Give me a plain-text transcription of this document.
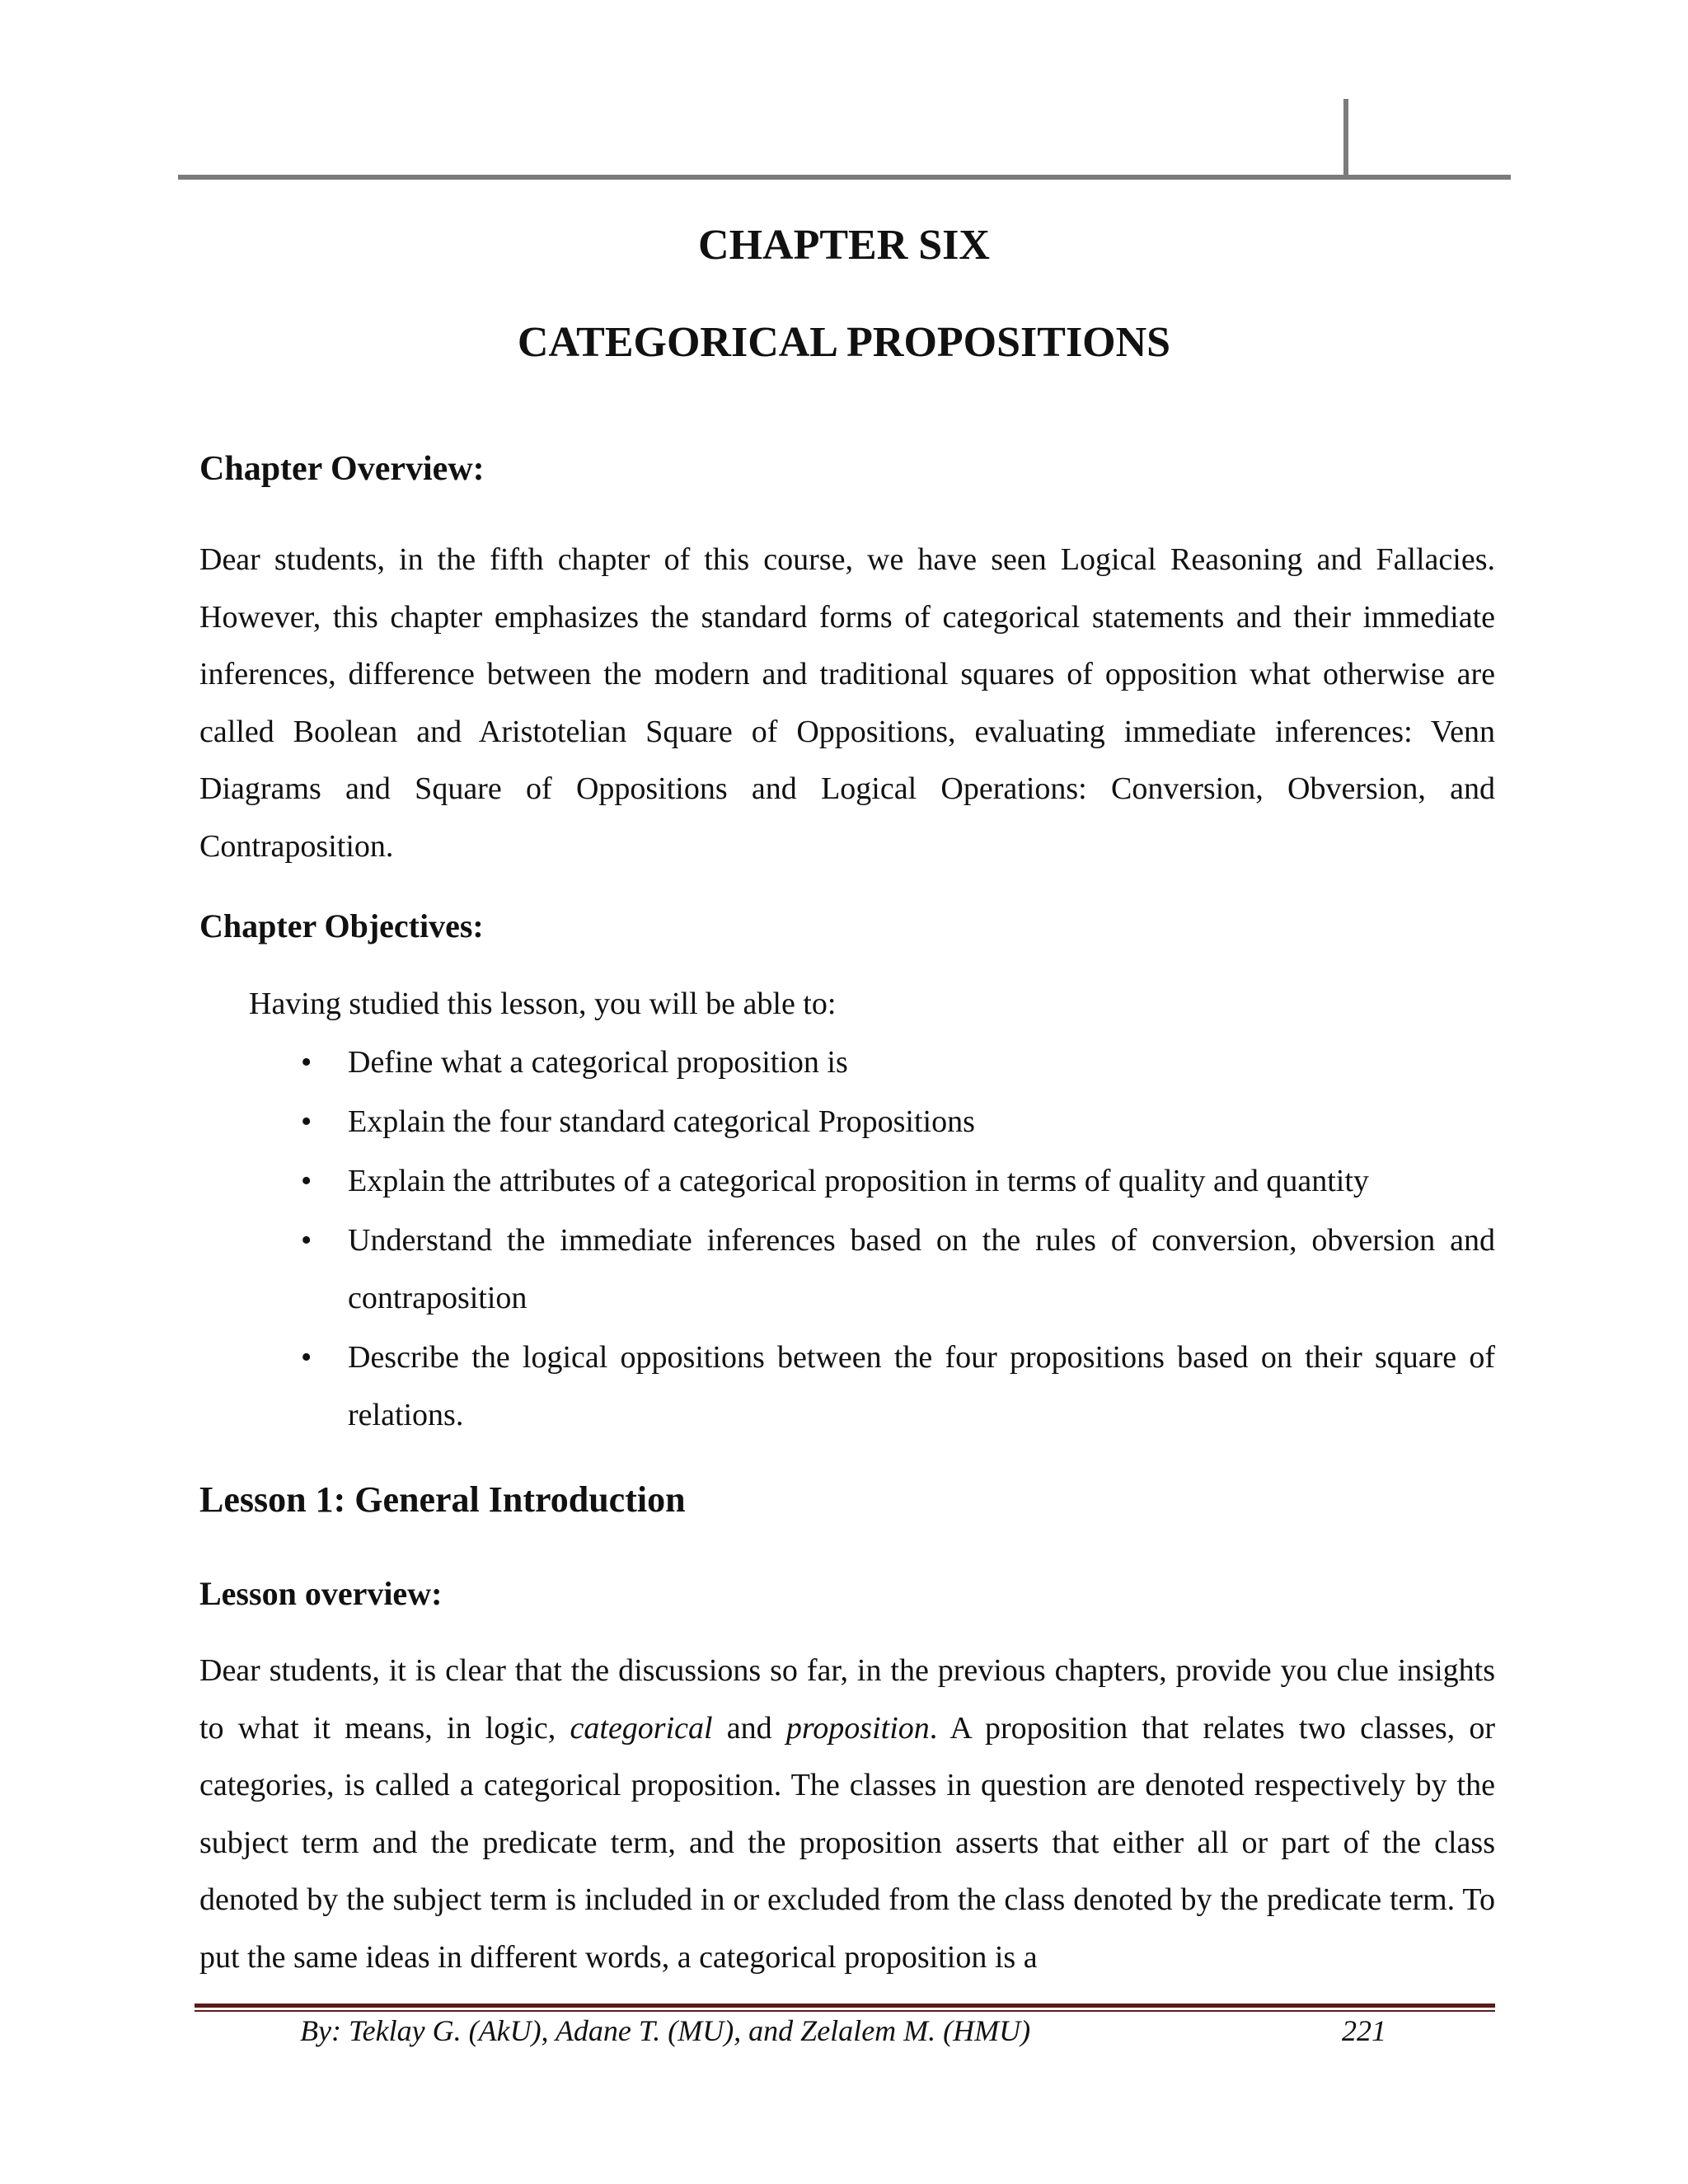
CHAPTER SIX
CATEGORICAL PROPOSITIONS
Chapter Overview:

Dear students, in the fifth chapter of this course, we have seen Logical Reasoning and Fallacies. However, this chapter emphasizes the standard forms of categorical statements and their immediate inferences, difference between the modern and traditional squares of opposition what otherwise are called Boolean and Aristotelian Square of Oppositions, evaluating immediate inferences: Venn Diagrams and Square of Oppositions and Logical Operations: Conversion, Obversion, and Contraposition.

Chapter Objectives:

Having studied this lesson, you will be able to:

• Define what a categorical proposition is
• Explain the four standard categorical Propositions
• Explain the attributes of a categorical proposition in terms of quality and quantity
• Understand the immediate inferences based on the rules of conversion, obversion and contraposition
• Describe the logical oppositions between the four propositions based on their square of relations.
Lesson 1: General Introduction
Lesson overview:

Dear students, it is clear that the discussions so far, in the previous chapters, provide you clue insights to what it means, in logic, categorical and proposition. A proposition that relates two classes, or categories, is called a categorical proposition. The classes in question are denoted respectively by the subject term and the predicate term, and the proposition asserts that either all or part of the class denoted by the subject term is included in or excluded from the class denoted by the predicate term. To put the same ideas in different words, a categorical proposition is a

By: Teklay G. (AkU), Adane T. (MU), and Zelalem M. (HMU)	221
